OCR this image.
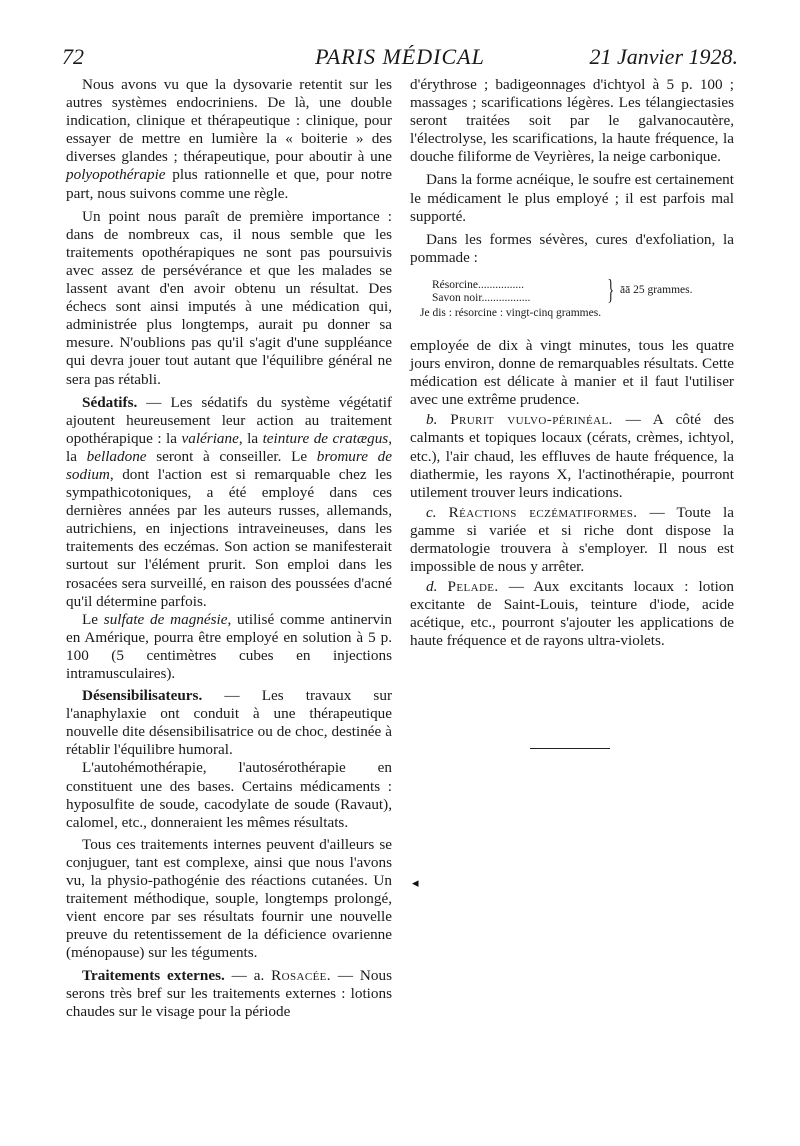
72	PARIS MÉDICAL	21 Janvier 1928.

Nous avons vu que la dysovarie retentit sur les autres systèmes endocriniens. De là, une double indication, clinique et thérapeutique : clinique, pour essayer de mettre en lumière la « boiterie » des diverses glandes ; thérapeutique, pour aboutir à une polyopothérapie plus rationnelle et que, pour notre part, nous suivons comme une règle.

Un point nous paraît de première importance : dans de nombreux cas, il nous semble que les traitements opothérapiques ne sont pas poursuivis avec assez de persévérance et que les malades se lassent avant d'en avoir obtenu un résultat. Des échecs sont ainsi imputés à une médication qui, administrée plus longtemps, aurait pu donner sa mesure. N'oublions pas qu'il s'agit d'une suppléance qui devra jouer tout autant que l'équilibre général ne sera pas rétabli.

Sédatifs. — Les sédatifs du système végétatif ajoutent heureusement leur action au traitement opothérapique : la valériane, la teinture de cratægus, la belladone seront à conseiller. Le bromure de sodium, dont l'action est si remarquable chez les sympathicotoniques, a été employé dans ces dernières années par les auteurs russes, allemands, autrichiens, en injections intraveineuses, dans les traitements des eczémas. Son action se manifesterait surtout sur l'élément prurit. Son emploi dans les rosacées sera surveillé, en raison des poussées d'acné qu'il détermine parfois.

Le sulfate de magnésie, utilisé comme antinervin en Amérique, pourra être employé en solution à 5 p. 100 (5 centimètres cubes en injections intramusculaires).

Désensibilisateurs. — Les travaux sur l'anaphylaxie ont conduit à une thérapeutique nouvelle dite désensibilisatrice ou de choc, destinée à rétablir l'équilibre humoral.

L'autohémothérapie, l'autosérothérapie en constituent une des bases. Certains médicaments : hyposulfite de soude, cacodylate de soude (Ravaut), calomel, etc., donneraient les mêmes résultats.

Tous ces traitements internes peuvent d'ailleurs se conjuguer, tant est complexe, ainsi que nous l'avons vu, la physio-pathogénie des réactions cutanées. Un traitement méthodique, souple, longtemps prolongé, vient encore par ses résultats fournir une nouvelle preuve du retentissement de la déficience ovarienne (ménopause) sur les téguments.

Traitements externes. — a. Rosacée. — Nous serons très bref sur les traitements externes : lotions chaudes sur le visage pour la période

d'érythrose ; badigeonnages d'ichtyol à 5 p. 100 ; massages ; scarifications légères. Les télangiectasies seront traitées soit par le galvanocautère, l'électrolyse, les scarifications, la haute fréquence, la douche filiforme de Veyrières, la neige carbonique.

Dans la forme acnéique, le soufre est certainement le médicament le plus employé ; il est parfois mal supporté.

Dans les formes sévères, cures d'exfoliation, la pommade :

Résorcine................
Savon noir.................	} āā 25 grammes.
Je dis : résorcine : vingt-cinq grammes.

employée de dix à vingt minutes, tous les quatre jours environ, donne de remarquables résultats. Cette médication est délicate à manier et il faut l'utiliser avec une extrême prudence.

b. Prurit vulvo-périnéal. — A côté des calmants et topiques locaux (cérats, crèmes, ichtyol, etc.), l'air chaud, les effluves de haute fréquence, la diathermie, les rayons X, l'actinothérapie, pourront utilement trouver leurs indications.

c. Réactions eczématiformes. — Toute la gamme si variée et si riche dont dispose la dermatologie trouvera à s'employer. Il nous est impossible de nous y arrêter.

d. Pelade. — Aux excitants locaux : lotion excitante de Saint-Louis, teinture d'iode, acide acétique, etc., pourront s'ajouter les applications de haute fréquence et de rayons ultra-violets.

◂
